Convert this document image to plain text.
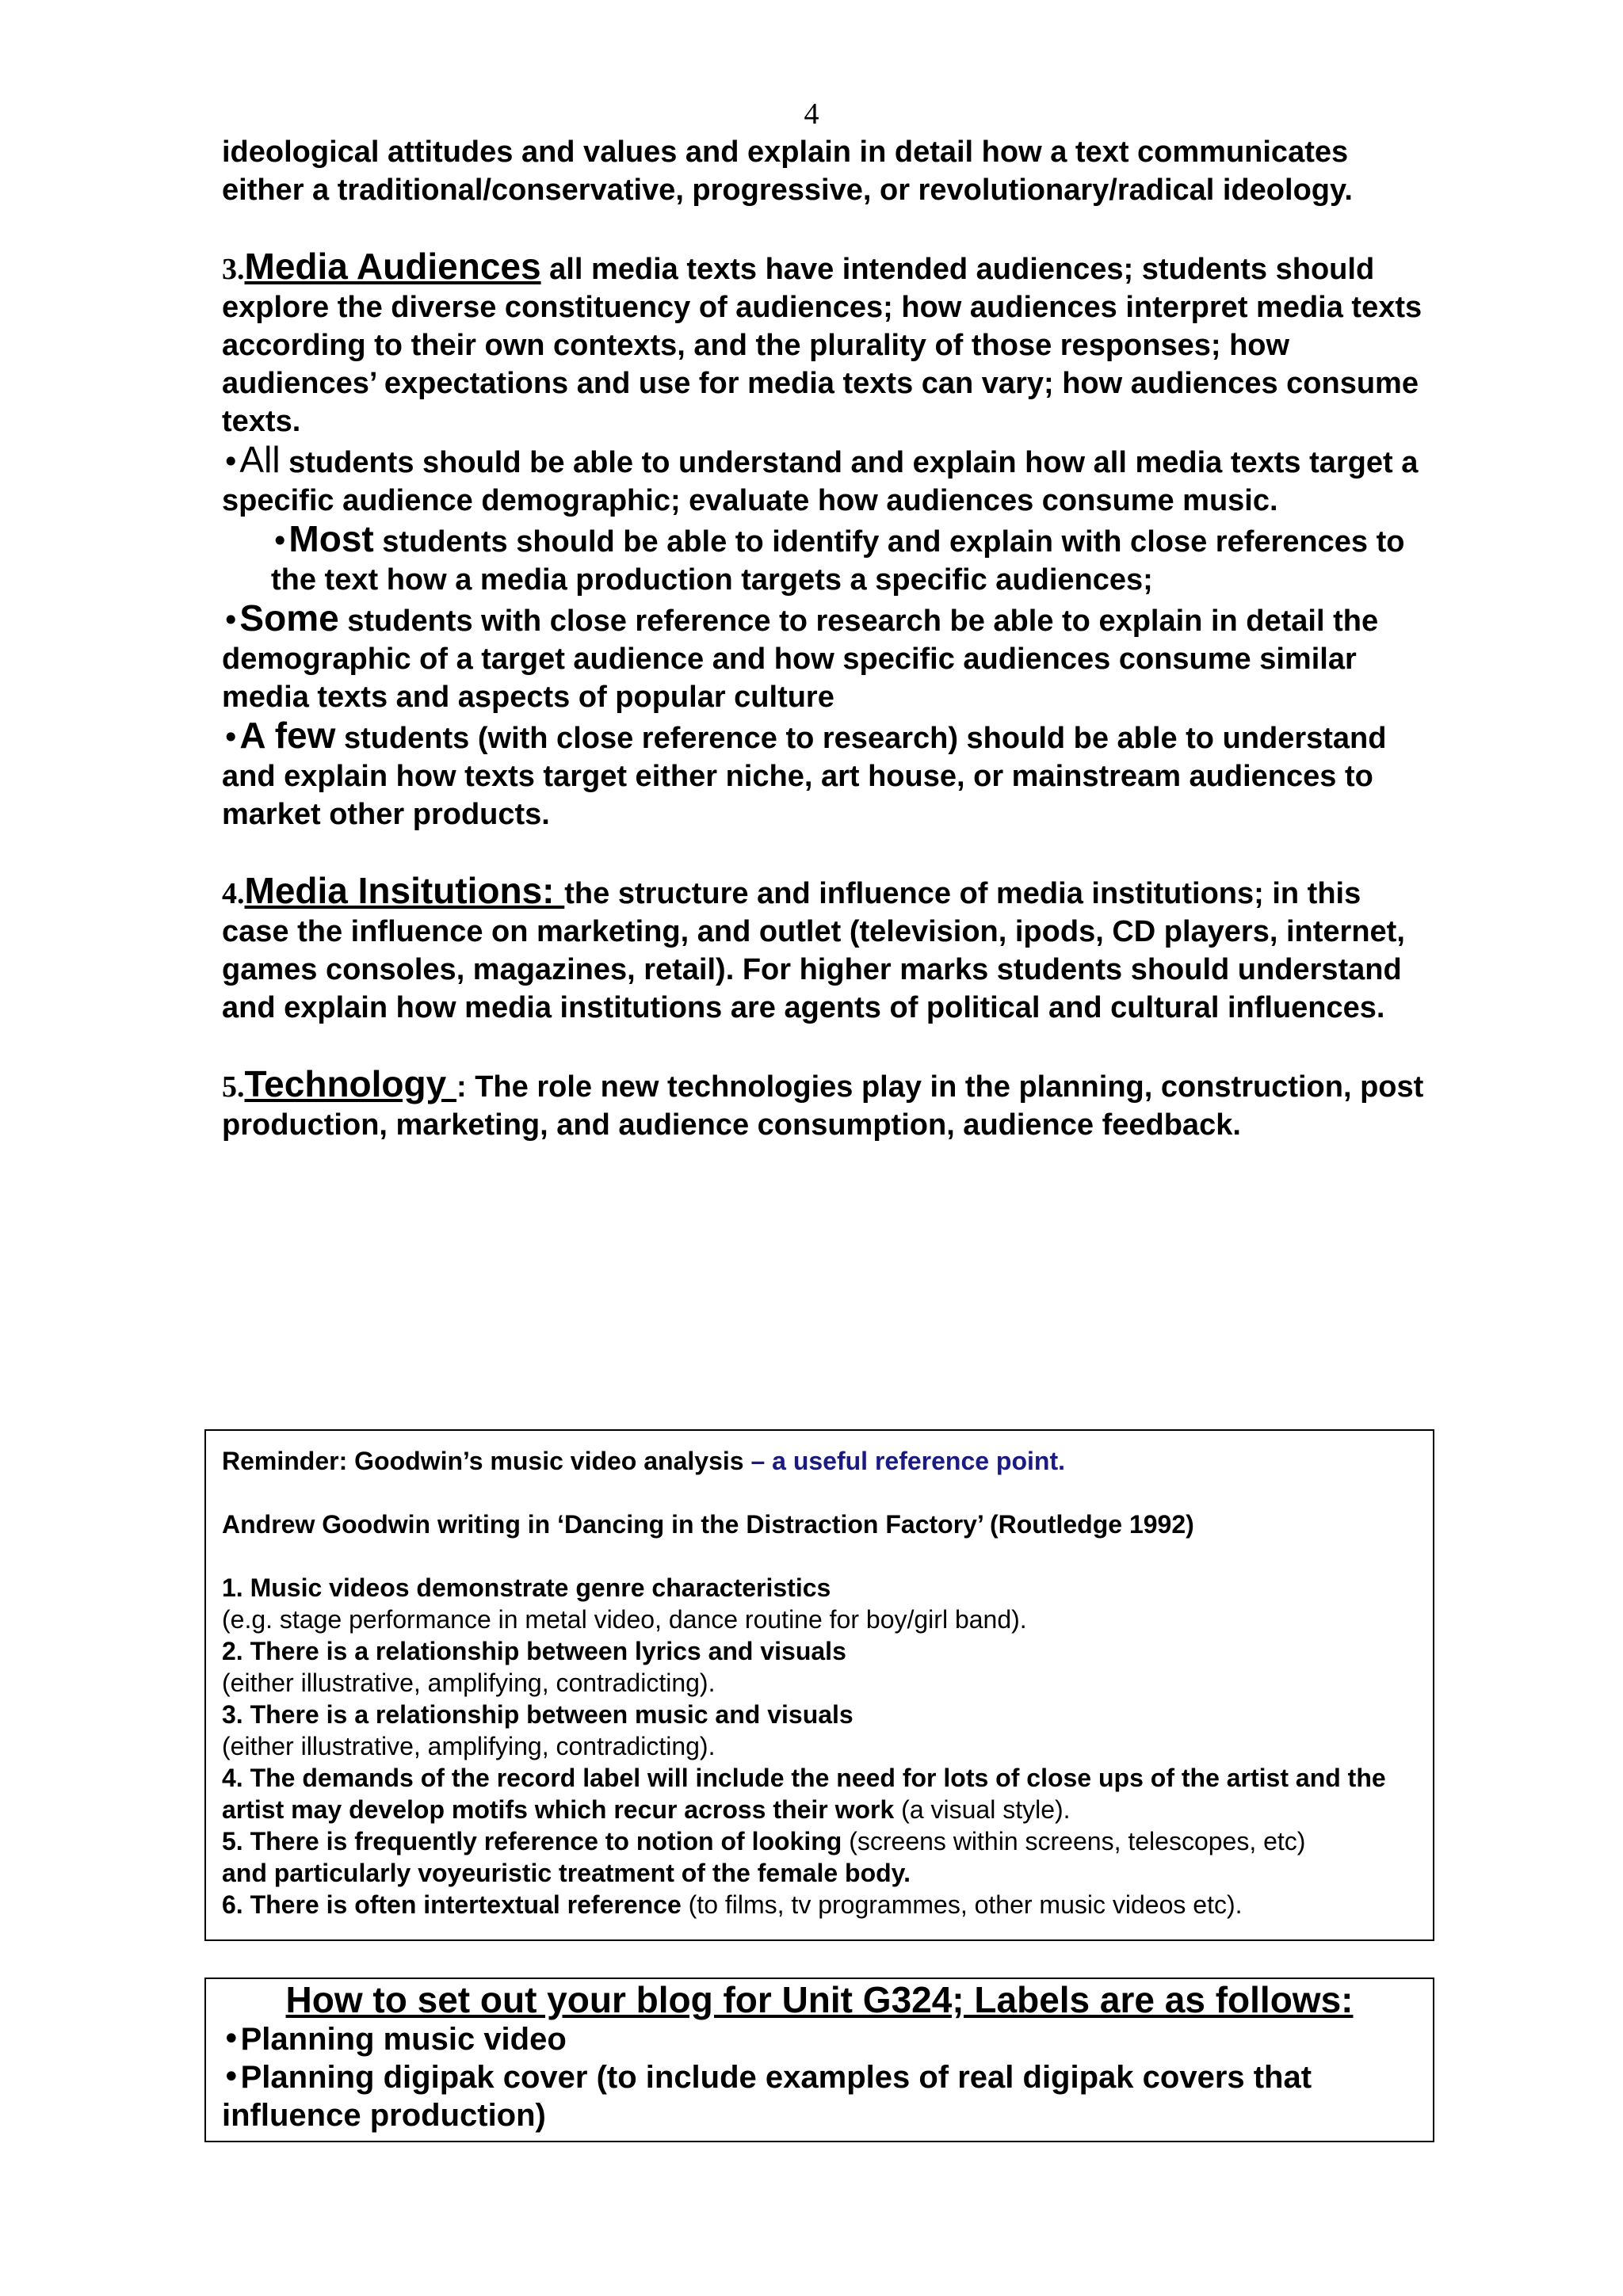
4

ideological attitudes and values and explain in detail how a text communicates either a traditional/conservative, progressive, or revolutionary/radical ideology.

3.Media Audiences all media texts have intended audiences; students should explore the diverse constituency of audiences; how audiences interpret media texts according to their own contexts, and the plurality of those responses; how audiences’ expectations and use for media texts can vary; how audiences consume texts.

•All students should be able to understand and explain how all media texts target a specific audience demographic; evaluate how audiences consume music.

•Most students should be able to identify and explain with close references to the text how a media production targets a specific audiences;

•Some students with close reference to research be able to explain in detail the demographic of a target audience and how specific audiences consume similar media texts and aspects of popular culture

•A few students (with close reference to research) should be able to understand and explain how texts target either niche, art house, or mainstream audiences to market other products.

4.Media Insitutions: the structure and influence of media institutions; in this case the influence on marketing, and outlet (television, ipods, CD players, internet, games consoles, magazines, retail). For higher marks students should understand and explain how media institutions are agents of political and cultural influences.

5.Technology : The role new technologies play in the planning, construction, post production, marketing, and audience consumption, audience feedback.

Reminder: Goodwin’s music video analysis – a useful reference point.

Andrew Goodwin writing in ‘Dancing in the Distraction Factory’ (Routledge 1992)

1. Music videos demonstrate genre characteristics

(e.g. stage performance in metal video, dance routine for boy/girl band).

2. There is a relationship between lyrics and visuals

(either illustrative, amplifying, contradicting).

3. There is a relationship between music and visuals

(either illustrative, amplifying, contradicting).

4. The demands of the record label will include the need for lots of close ups of the artist and the artist may develop motifs which recur across their work (a visual style).

5. There is frequently reference to notion of looking (screens within screens, telescopes, etc)

and particularly voyeuristic treatment of the female body.

6. There is often intertextual reference (to films, tv programmes, other music videos etc).

How to set out your blog for Unit G324; Labels are as follows:
•Planning music video
•Planning digipak cover (to include examples of real digipak covers that influence production)
